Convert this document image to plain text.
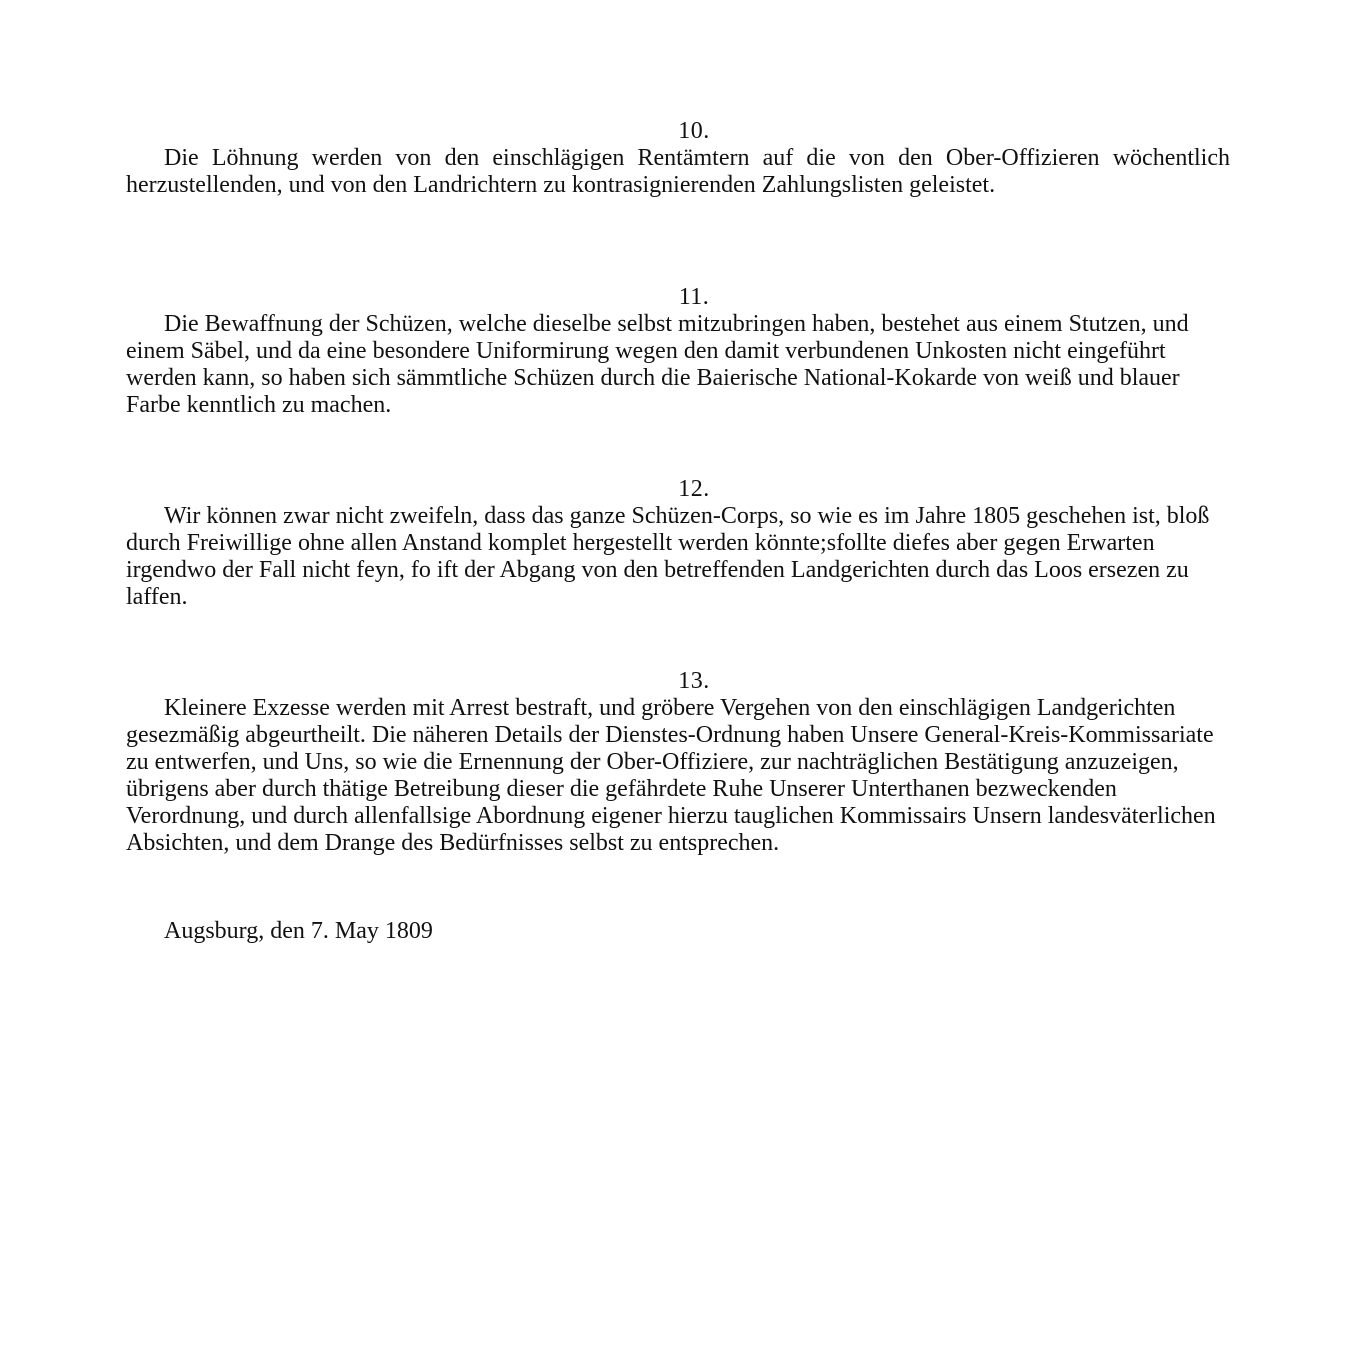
10.

Die Löhnung werden von den einschlägigen Rentämtern auf die von den Ober-Offizieren wöchentlich herzustellenden, und von den Landrichtern zu kontrasignierenden Zahlungslisten geleistet.

11.

Die Bewaffnung der Schüzen, welche dieselbe selbst mitzubringen haben, bestehet aus einem Stutzen, und einem Säbel, und da eine besondere Uniformirung wegen den damit verbundenen Unkosten nicht eingeführt werden kann, so haben sich sämmtliche Schüzen durch die Baierische National-Kokarde von weiß und blauer Farbe kenntlich zu machen.

12.

Wir können zwar nicht zweifeln, dass das ganze Schüzen-Corps, so wie es im Jahre 1805 geschehen ist, bloß durch Freiwillige ohne allen Anstand komplet hergestellt werden könnte;sfollte diefes aber gegen Erwarten irgendwo der Fall nicht feyn, fo ift der Abgang von den betreffenden Landgerichten durch das Loos ersezen zu laffen.

13.

Kleinere Exzesse werden mit Arrest bestraft, und gröbere Vergehen von den einschlägigen Landgerichten gesezmäßig abgeurtheilt. Die näheren Details der Dienstes-Ordnung haben Unsere General-Kreis-Kommissariate zu entwerfen, und Uns, so wie die Ernennung der Ober-Offiziere, zur nachträglichen Bestätigung anzuzeigen, übrigens aber durch thätige Betreibung dieser die gefährdete Ruhe Unserer Unterthanen bezweckenden Verordnung, und durch allenfallsige Abordnung eigener hierzu tauglichen Kommissairs Unsern landesväterlichen Absichten, und dem Drange des Bedürfnisses selbst zu entsprechen.

Augsburg, den 7. May 1809
